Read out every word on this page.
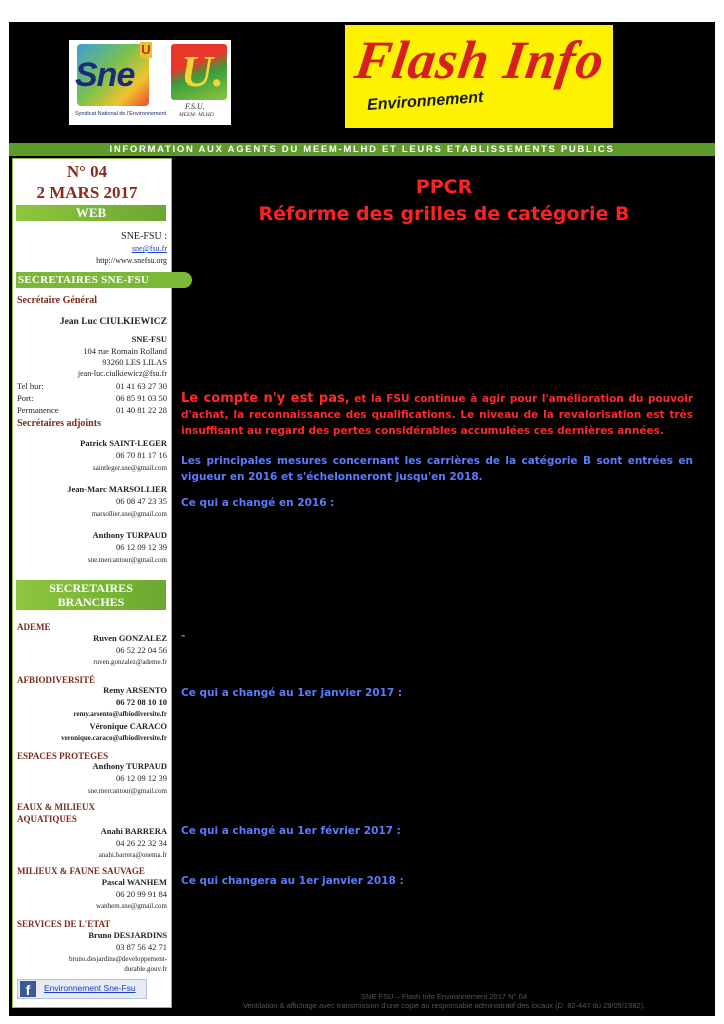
Sne
U
Syndicat National de l'Environnement
U.
F.S.U.
MEEM- MLHD
Flash Info
Environnement
INFORMATION AUX AGENTS DU MEEM-MLHD ET LEURS ETABLISSEMENTS PUBLICS
N° 04
2 MARS 2017
WEB
SNE-FSU :
sne@fsu.fr
http://www.snefsu.org
SECRETAIRES SNE-FSU
Secrétaire Général
Jean Luc CIULKIEWICZ
SNE-FSU
104 rue Romain Rolland
93260 LES LILAS
jean-luc.ciulkiewicz@fsu.fr
Tel bur:	01 41 63 27 30
Port:	06 85 91 03 50
Permanence	01 40 81 22 28
Secrétaires adjoints
Patrick SAINT-LEGER
06 70 81 17 16
saintleger.sne@gmail.com
Jean-Marc MARSOLLIER
06 08 47 23 35
marsollier.sne@gmail.com
Anthony TURPAUD
06 12 09 12 39
sne.mercantour@gmail.com
SECRETAIRES
BRANCHES
ADEME
Ruven GONZALEZ
06 52 22 04 56
ruven.gonzalez@ademe.fr
AFBIODIVERSITÉ
Remy ARSENTO
06 72 08 10 10
remy.arsento@afbiodiversite.fr
Véronique CARACO
veronique.caraco@afbiodiversite.fr
ESPACES PROTEGES
Anthony TURPAUD
06 12 09 12 39
sne.mercantour@gmail.com
EAUX & MILIEUX
AQUATIQUES
Anahi BARRERA
04 26 22 32 34
anahi.barrera@onema.fr
MILIEUX & FAUNE SAUVAGE
Pascal WANHEM
06 20 99 91 84
wanhem.sne@gmail.com
SERVICES DE L'ETAT
Bruno DESJARDINS
03 87 56 42 71
bruno.desjardins@developpement-
durable.gouv.fr
f	Environnement Sne-Fsu
PPCR
Réforme des grilles de catégorie B
Le compte n'y est pas, et la FSU continue à agir pour l'amélioration du pouvoir d'achat, la reconnaissance des qualifications. Le niveau de la revalorisation est très insuffisant au regard des pertes considérables accumulées ces dernières années.
Les principales mesures concernant les carrières de la catégorie B sont entrées en vigueur en 2016 et s'échelonneront jusqu'en 2018.
Ce qui a changé en 2016 :
-
Ce qui a changé au 1er janvier 2017 :
Ce qui a changé au 1er février 2017 :
Ce qui changera au 1er janvier 2018 :
SNE FSU – Flash Info Environnement 2017 N° 04
Ventilation & affichage avec transmission d'une copie au responsable administratif des locaux (D. 82-447 du 28/05/1982).
